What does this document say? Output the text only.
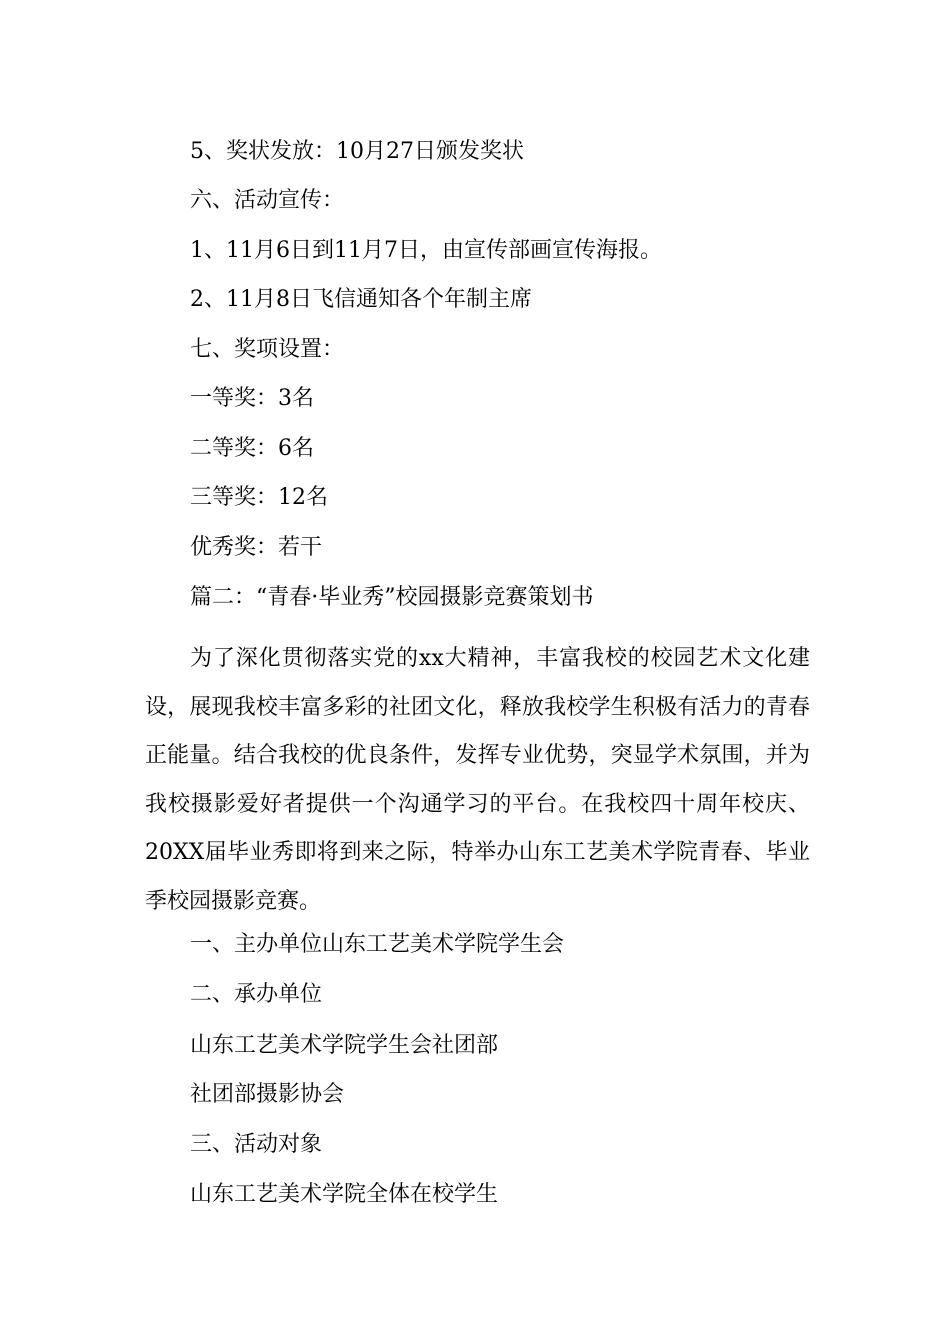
5、奖状发放：10月27日颁发奖状

六、活动宣传：

1、11月6日到11月7日，由宣传部画宣传海报。

2、11月8日飞信通知各个年制主席

七、奖项设置：

一等奖：3名

二等奖：6名

三等奖：12名

优秀奖：若干

篇二：“青春·毕业秀”校园摄影竞赛策划书

为了深化贯彻落实党的xx大精神，丰富我校的校园艺术文化建设，展现我校丰富多彩的社团文化，释放我校学生积极有活力的青春正能量。结合我校的优良条件，发挥专业优势，突显学术氛围，并为我校摄影爱好者提供一个沟通学习的平台。在我校四十周年校庆、20XX届毕业秀即将到来之际，特举办山东工艺美术学院青春、毕业季校园摄影竞赛。

一、主办单位山东工艺美术学院学生会

二、承办单位

山东工艺美术学院学生会社团部

社团部摄影协会

三、活动对象

山东工艺美术学院全体在校学生
